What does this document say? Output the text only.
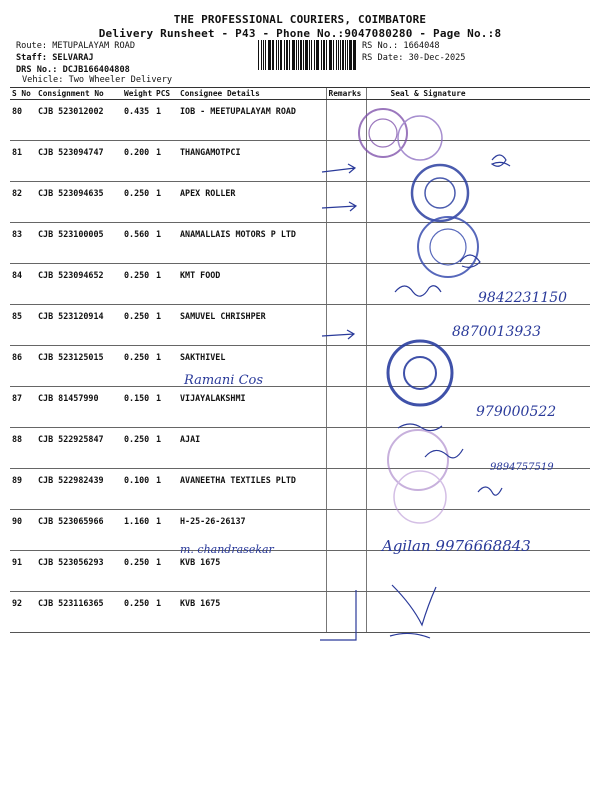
THE PROFESSIONAL COURIERS, COIMBATORE
Delivery Runsheet - P43 - Phone No.:9047080280 - Page No.:8
Route: METUPALAYAM ROAD
Staff: SELVARAJ
DRS No.: DCJB166404808
Vehicle: Two Wheeler Delivery
RS No.: 1664048
RS Date: 30-Dec-2025
S No	Consignment No	Weight	PCS	Consignee Details	Remarks	Seal & Signature
80	CJB 523012002	0.435	1	IOB - MEETUPALAYAM ROAD		
81	CJB 523094747	0.200	1	THANGAMOTPCI		
82	CJB 523094635	0.250	1	APEX ROLLER		
83	CJB 523100005	0.560	1	ANAMALLAIS MOTORS P LTD		
84	CJB 523094652	0.250	1	KMT FOOD		
85	CJB 523120914	0.250	1	SAMUVEL CHRISHPER		
86	CJB 523125015	0.250	1	SAKTHIVEL		
87	CJB 81457990	0.150	1	VIJAYALAKSHMI		
88	CJB 522925847	0.250	1	AJAI		
89	CJB 522982439	0.100	1	AVANEETHA TEXTILES PLTD		
90	CJB 523065966	1.160	1	H-25-26-26137		
91	CJB 523056293	0.250	1	KVB 1675		
92	CJB 523116365	0.250	1	KVB 1675		
9842231150
8870013933
Ramani Cos
979000522
9894757519
m. chandrasekar	Agilan 9976668843
